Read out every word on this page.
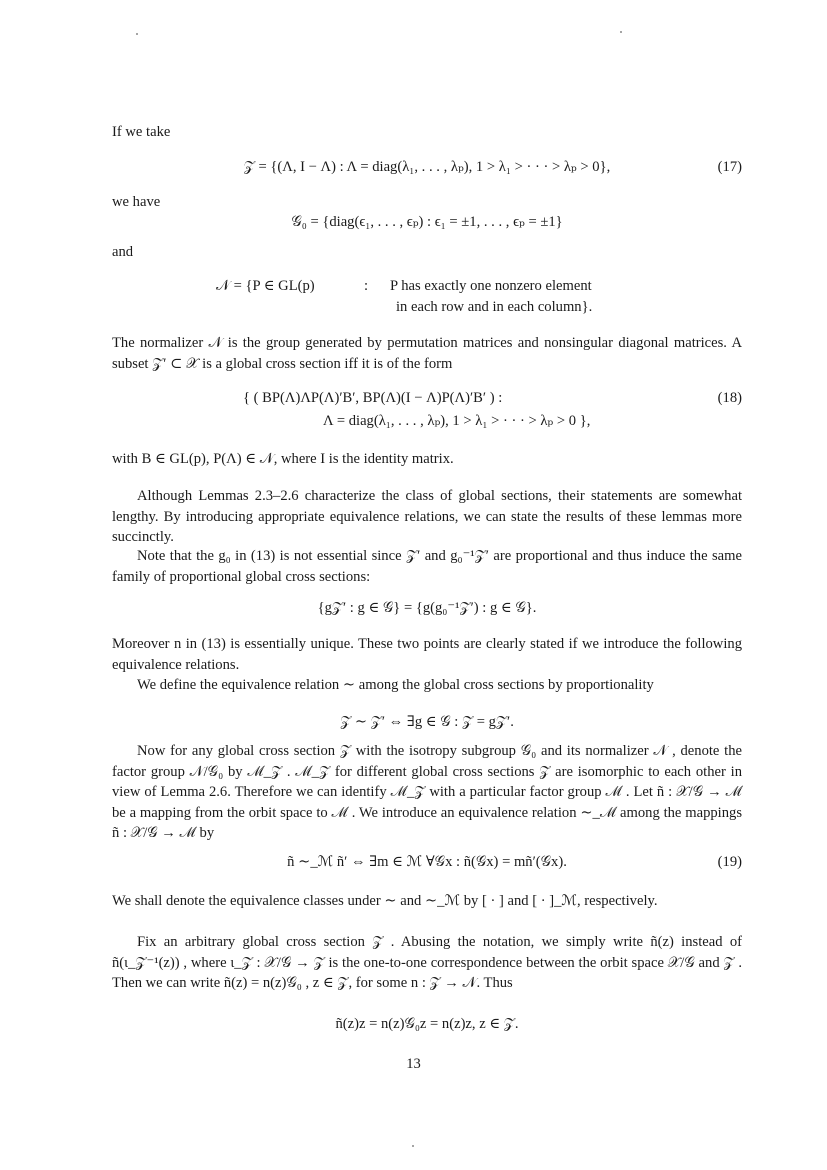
If we take

𝒵 = {(Λ, I − Λ) : Λ = diag(λ₁, . . . , λₚ), 1 > λ₁ > · · · > λₚ > 0},	(17)

we have

𝒢₀ = {diag(ϵ₁, . . . , ϵₚ) : ϵ₁ = ±1, . . . , ϵₚ = ±1}

and

𝒩 = {P ∈ GL(p)	: P has exactly one nonzero element
in each row and in each column}.

The normalizer 𝒩 is the group generated by permutation matrices and nonsingular diagonal matrices. A subset 𝒵′ ⊂ 𝒳 is a global cross section iff it is of the form

{ ( BP(Λ)ΛP(Λ)′B′, BP(Λ)(I − Λ)P(Λ)′B′ ) :	(18)
Λ = diag(λ₁, . . . , λₚ), 1 > λ₁ > · · · > λₚ > 0 },

with B ∈ GL(p), P(Λ) ∈ 𝒩, where I is the identity matrix.

Although Lemmas 2.3–2.6 characterize the class of global sections, their statements are somewhat lengthy. By introducing appropriate equivalence relations, we can state the results of these lemmas more succinctly.

Note that the g₀ in (13) is not essential since 𝒵′ and g₀⁻¹𝒵′ are proportional and thus induce the same family of proportional global cross sections:

{g𝒵′ : g ∈ 𝒢} = {g(g₀⁻¹𝒵′) : g ∈ 𝒢}.

Moreover n in (13) is essentially unique. These two points are clearly stated if we introduce the following equivalence relations.

We define the equivalence relation ∼ among the global cross sections by proportionality

𝒵 ∼ 𝒵′ ⇔ ∃g ∈ 𝒢 : 𝒵 = g𝒵′.

Now for any global cross section 𝒵 with the isotropy subgroup 𝒢₀ and its normalizer 𝒩 , denote the factor group 𝒩/𝒢₀ by ℳ_𝒵 . ℳ_𝒵 for different global cross sections 𝒵 are isomorphic to each other in view of Lemma 2.6. Therefore we can identify ℳ_𝒵 with a particular factor group ℳ . Let ñ : 𝒳/𝒢 → ℳ be a mapping from the orbit space to ℳ . We introduce an equivalence relation ∼_ℳ among the mappings ñ : 𝒳/𝒢 → ℳ by

ñ ∼_ℳ ñ′ ⇔ ∃m ∈ ℳ ∀𝒢x : ñ(𝒢x) = mñ′(𝒢x).	(19)

We shall denote the equivalence classes under ∼ and ∼_ℳ by [ · ] and [ · ]_ℳ, respectively.

Fix an arbitrary global cross section 𝒵 . Abusing the notation, we simply write ñ(z) instead of ñ(ι_𝒵⁻¹(z)) , where ι_𝒵 : 𝒳/𝒢 → 𝒵 is the one-to-one correspondence between the orbit space 𝒳/𝒢 and 𝒵 . Then we can write ñ(z) = n(z)𝒢₀ , z ∈ 𝒵, for some n : 𝒵 → 𝒩. Thus

ñ(z)z = n(z)𝒢₀z = n(z)z, z ∈ 𝒵.
13
